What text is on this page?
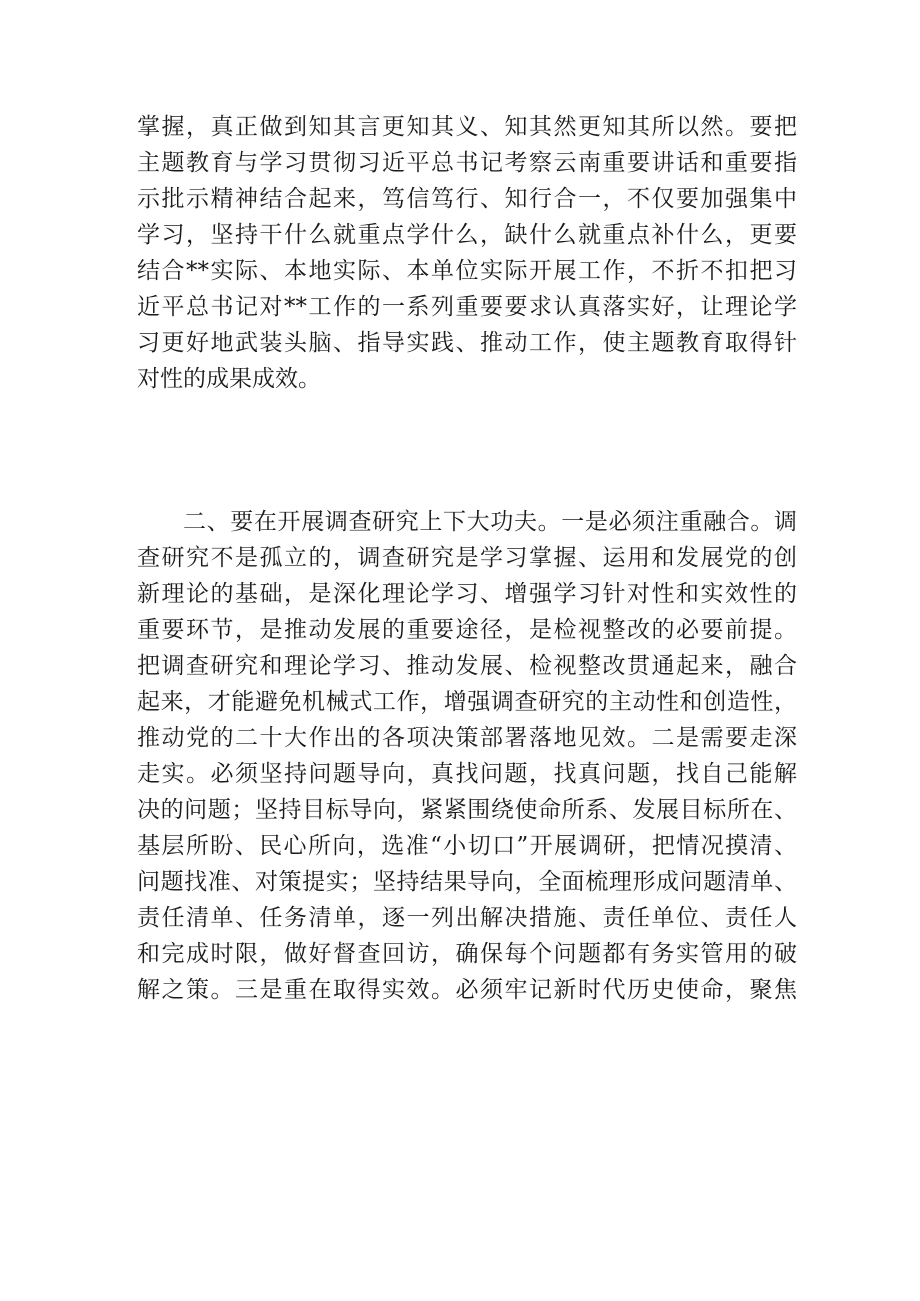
掌握，真正做到知其言更知其义、知其然更知其所以然。要把
主题教育与学习贯彻习近平总书记考察云南重要讲话和重要指
示批示精神结合起来，笃信笃行、知行合一，不仅要加强集中
学习，坚持干什么就重点学什么，缺什么就重点补什么，更要
结合**实际、本地实际、本单位实际开展工作，不折不扣把习
近平总书记对**工作的一系列重要要求认真落实好，让理论学
习更好地武装头脑、指导实践、推动工作，使主题教育取得针
对性的成果成效。
二、要在开展调查研究上下大功夫。一是必须注重融合。调
查研究不是孤立的，调查研究是学习掌握、运用和发展党的创
新理论的基础，是深化理论学习、增强学习针对性和实效性的
重要环节，是推动发展的重要途径，是检视整改的必要前提。
把调查研究和理论学习、推动发展、检视整改贯通起来，融合
起来，才能避免机械式工作，增强调查研究的主动性和创造性，
推动党的二十大作出的各项决策部署落地见效。二是需要走深
走实。必须坚持问题导向，真找问题，找真问题，找自己能解
决的问题；坚持目标导向，紧紧围绕使命所系、发展目标所在、
基层所盼、民心所向，选准“小切口”开展调研，把情况摸清、
问题找准、对策提实；坚持结果导向，全面梳理形成问题清单、
责任清单、任务清单，逐一列出解决措施、责任单位、责任人
和完成时限，做好督查回访，确保每个问题都有务实管用的破
解之策。三是重在取得实效。必须牢记新时代历史使命，聚焦
